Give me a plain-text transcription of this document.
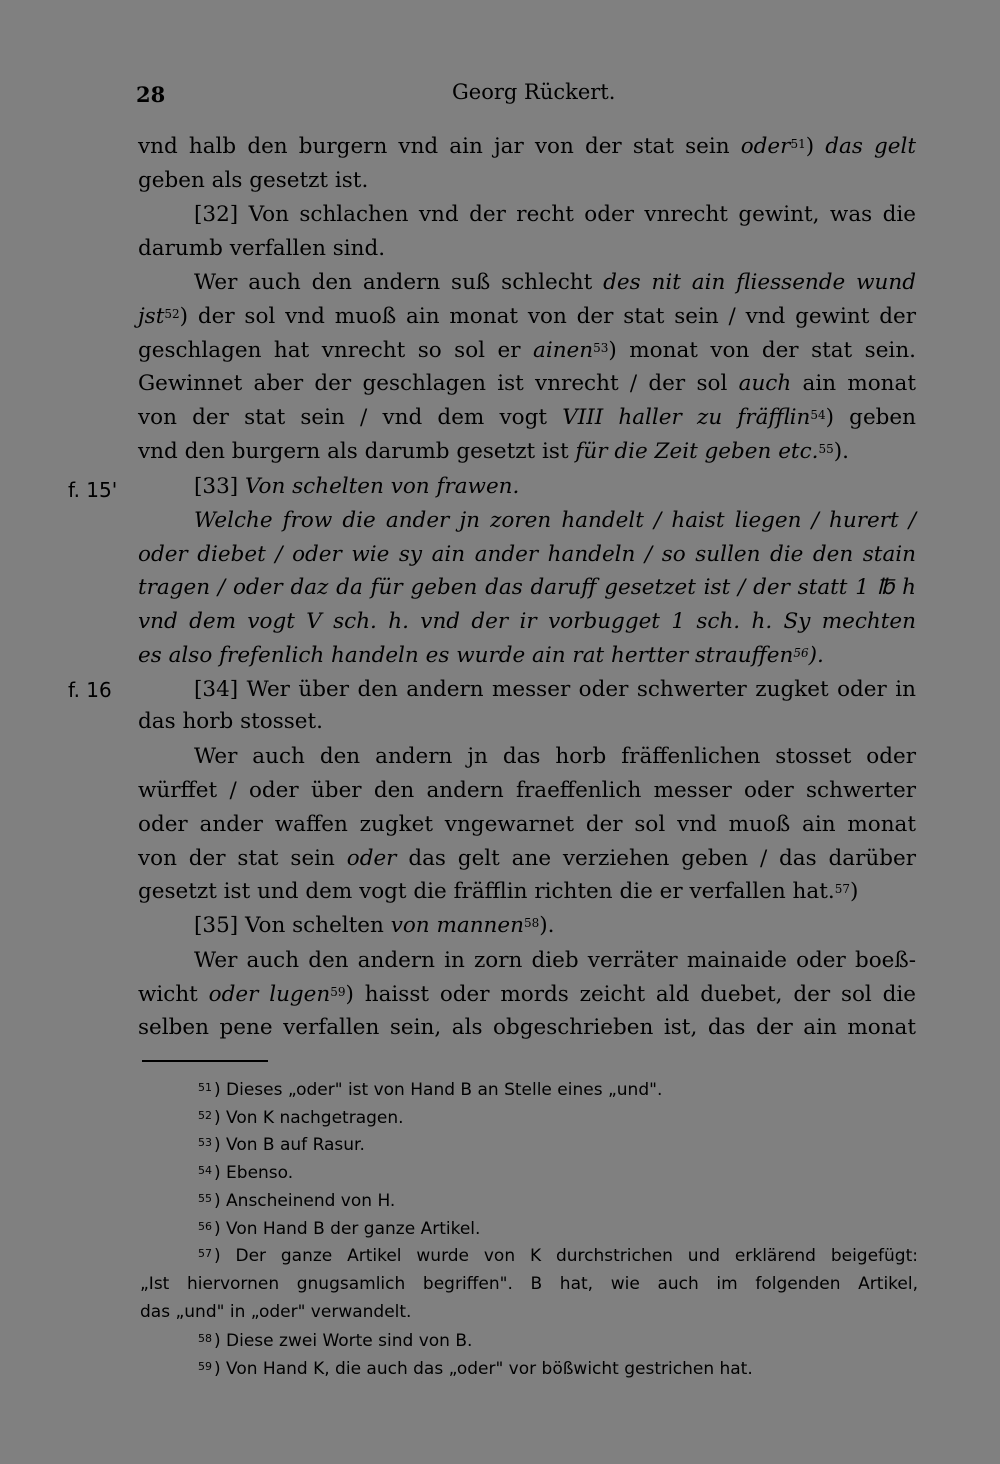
28	Georg Rückert.
f. 15'
f. 16
vnd halb den burgern vnd ain jar von der stat sein oder$^{51}$) das gelt
geben als gesetzt ist.
[32] Von schlachen vnd der recht oder vnrecht gewint, was die
darumb verfallen sind.
Wer auch den andern suß schlecht des nit ain fliessende wund
jst$^{52}$) der sol vnd muoß ain monat von der stat sein / vnd gewint der
geschlagen hat vnrecht so sol er ainen$^{53}$) monat von der stat sein.
Gewinnet aber der geschlagen ist vnrecht / der sol auch ain monat
von der stat sein / vnd dem vogt VIII haller zu fräfflin$^{54}$) geben
vnd den burgern als darumb gesetzt ist für die Zeit geben etc.$^{55}$).
[33] Von schelten von frawen.
Welche frow die ander jn zoren handelt / haist liegen / hurert /
oder diebet / oder wie sy ain ander handeln / so sullen die den stain
tragen / oder daz da für geben das daruff gesetzet ist / der statt 1 ℔ h
vnd dem vogt V sch. h. vnd der ir vorbugget 1 sch. h. Sy mechten
es also frefenlich handeln es wurde ain rat hertter strauffen$^{56}$).
[34] Wer über den andern messer oder schwerter zugket oder in
das horb stosset.
Wer auch den andern jn das horb fräffenlichen stosset oder
würffet / oder über den andern fraeffenlich messer oder schwerter
oder ander waffen zugket vngewarnet der sol vnd muoß ain monat
von der stat sein oder das gelt ane verziehen geben / das darüber
gesetzt ist und dem vogt die fräfflin richten die er verfallen hat.$^{57}$)
[35] Von schelten von mannen$^{58}$).
Wer auch den andern in zorn dieb verräter mainaide oder boeß-
wicht oder lugen$^{59}$) haisst oder mords zeicht ald duebet, der sol die
selben pene verfallen sein, als obgeschrieben ist, das der ain monat
$^{51}$ ) Dieses „oder" ist von Hand B an Stelle eines „und".
$^{52}$ ) Von K nachgetragen.
$^{53}$ ) Von B auf Rasur.
$^{54}$ ) Ebenso.
$^{55}$ ) Anscheinend von H.
$^{56}$ ) Von Hand B der ganze Artikel.
$^{57}$ ) Der ganze Artikel wurde von K durchstrichen und erklärend beigefügt:
„Ist hiervornen gnugsamlich begriffen". B hat, wie auch im folgenden Artikel,
das „und" in „oder" verwandelt.
$^{58}$ ) Diese zwei Worte sind von B.
$^{59}$ ) Von Hand K, die auch das „oder" vor bößwicht gestrichen hat.
